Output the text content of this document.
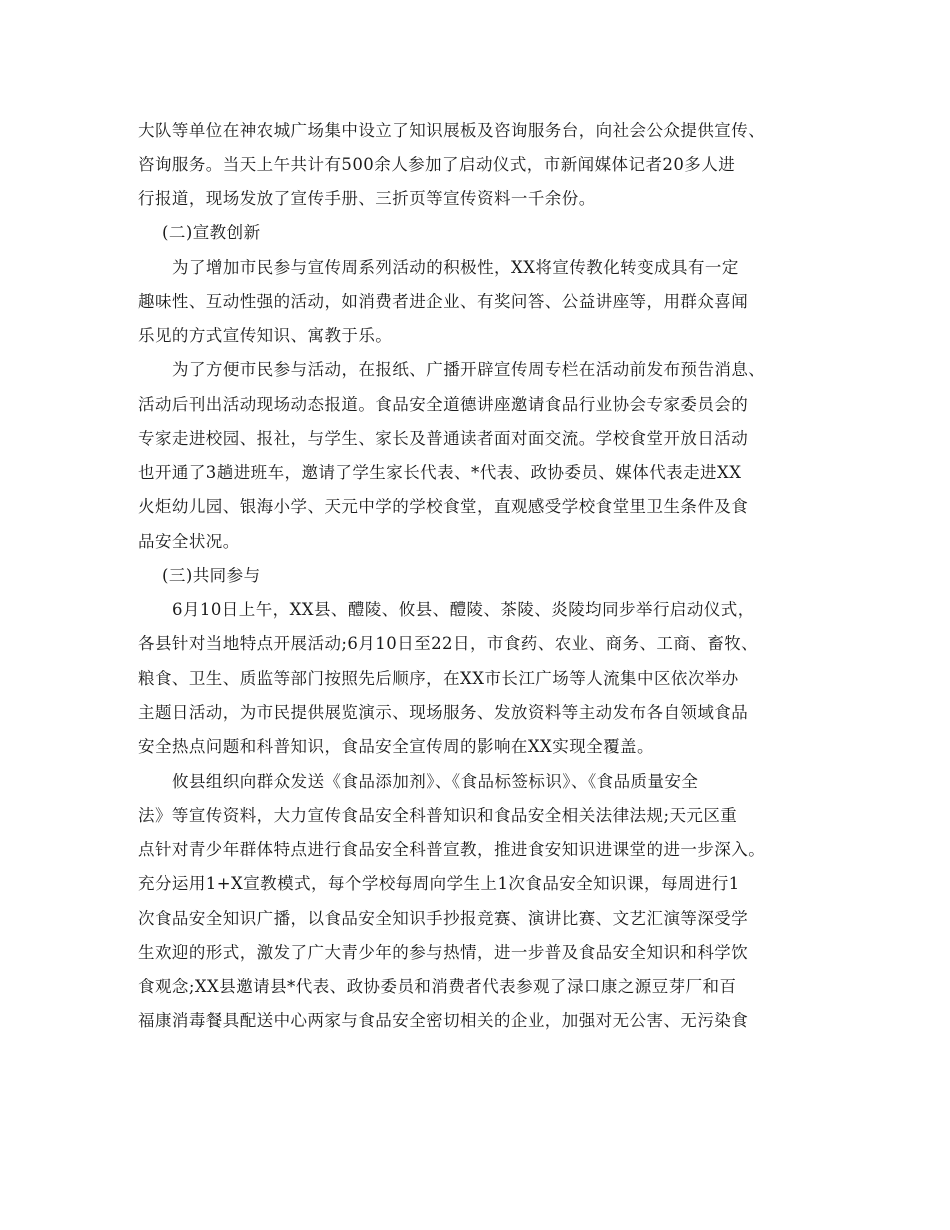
大队等单位在神农城广场集中设立了知识展板及咨询服务台，向社会公众提供宣传、
咨询服务。当天上午共计有500余人参加了启动仪式，市新闻媒体记者20多人进
行报道，现场发放了宣传手册、三折页等宣传资料一千余份。
(二)宣教创新
为了增加市民参与宣传周系列活动的积极性，XX将宣传教化转变成具有一定
趣味性、互动性强的活动，如消费者进企业、有奖问答、公益讲座等，用群众喜闻
乐见的方式宣传知识、寓教于乐。
为了方便市民参与活动，在报纸、广播开辟宣传周专栏在活动前发布预告消息、
活动后刊出活动现场动态报道。食品安全道德讲座邀请食品行业协会专家委员会的
专家走进校园、报社，与学生、家长及普通读者面对面交流。学校食堂开放日活动
也开通了3趟进班车，邀请了学生家长代表、*代表、政协委员、媒体代表走进XX
火炬幼儿园、银海小学、天元中学的学校食堂，直观感受学校食堂里卫生条件及食
品安全状况。
(三)共同参与
6月10日上午，XX县、醴陵、攸县、醴陵、茶陵、炎陵均同步举行启动仪式，
各县针对当地特点开展活动;6月10日至22日，市食药、农业、商务、工商、畜牧、
粮食、卫生、质监等部门按照先后顺序，在XX市长江广场等人流集中区依次举办
主题日活动，为市民提供展览演示、现场服务、发放资料等主动发布各自领域食品
安全热点问题和科普知识，食品安全宣传周的影响在XX实现全覆盖。
攸县组织向群众发送《食品添加剂》、《食品标签标识》、《食品质量安全
法》等宣传资料，大力宣传食品安全科普知识和食品安全相关法律法规;天元区重
点针对青少年群体特点进行食品安全科普宣教，推进食安知识进课堂的进一步深入。
充分运用1+X宣教模式，每个学校每周向学生上1次食品安全知识课，每周进行1
次食品安全知识广播，以食品安全知识手抄报竞赛、演讲比赛、文艺汇演等深受学
生欢迎的形式，激发了广大青少年的参与热情，进一步普及食品安全知识和科学饮
食观念;XX县邀请县*代表、政协委员和消费者代表参观了渌口康之源豆芽厂和百
福康消毒餐具配送中心两家与食品安全密切相关的企业，加强对无公害、无污染食
